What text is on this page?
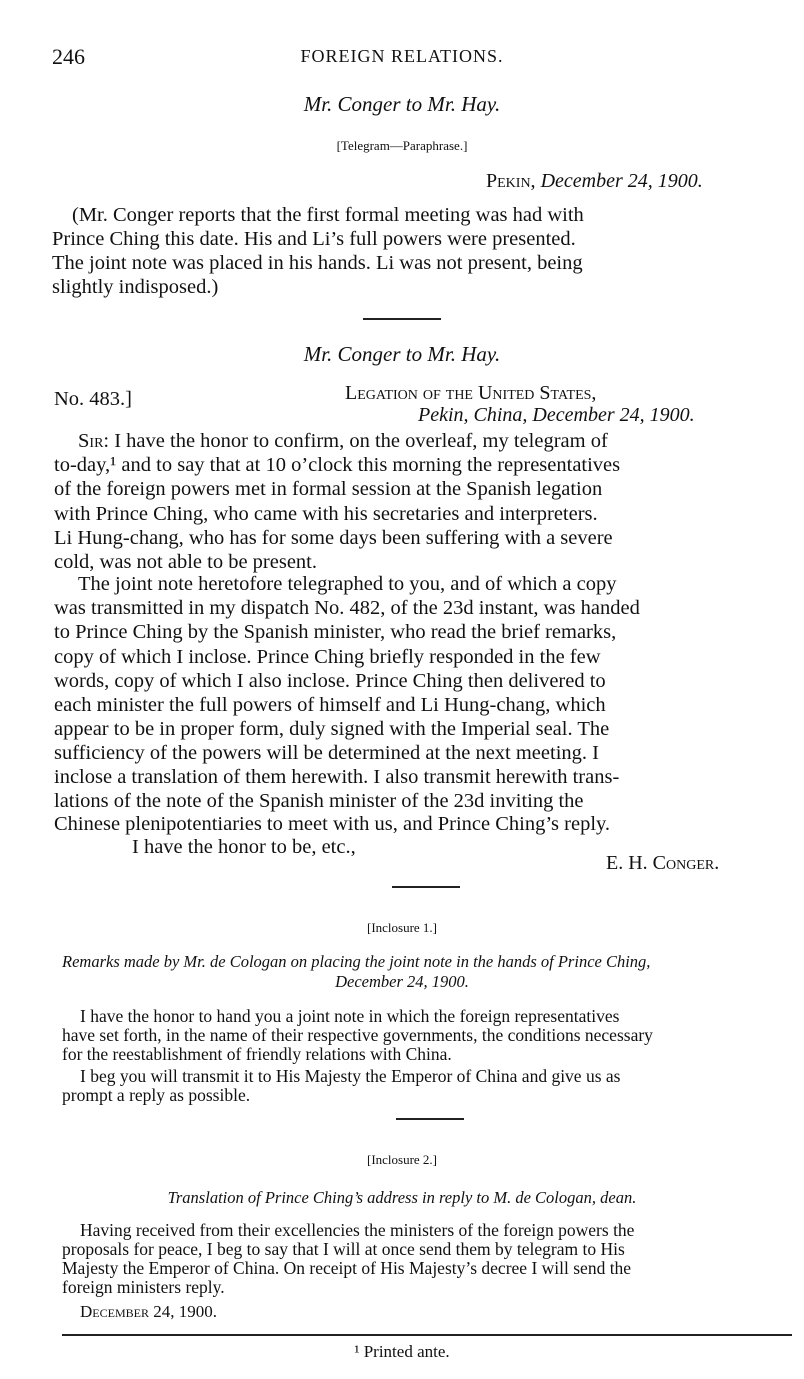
246	FOREIGN RELATIONS.
Mr. Conger to Mr. Hay.
[Telegram—Paraphrase.]
Pekin, December 24, 1900.
(Mr. Conger reports that the first formal meeting was had with
Prince Ching this date. His and Li’s full powers were presented.
The joint note was placed in his hands. Li was not present, being
slightly indisposed.)
Mr. Conger to Mr. Hay.
No. 483.]	Legation of the United States,
Pekin, China, December 24, 1900.
Sir: I have the honor to confirm, on the overleaf, my telegram of
to-day,¹ and to say that at 10 o’clock this morning the representatives
of the foreign powers met in formal session at the Spanish legation
with Prince Ching, who came with his secretaries and interpreters.
Li Hung-chang, who has for some days been suffering with a severe
cold, was not able to be present.
The joint note heretofore telegraphed to you, and of which a copy
was transmitted in my dispatch No. 482, of the 23d instant, was handed
to Prince Ching by the Spanish minister, who read the brief remarks,
copy of which I inclose. Prince Ching briefly responded in the few
words, copy of which I also inclose. Prince Ching then delivered to
each minister the full powers of himself and Li Hung-chang, which
appear to be in proper form, duly signed with the Imperial seal. The
sufficiency of the powers will be determined at the next meeting. I
inclose a translation of them herewith. I also transmit herewith trans-
lations of the note of the Spanish minister of the 23d inviting the
Chinese plenipotentiaries to meet with us, and Prince Ching’s reply.
I have the honor to be, etc.,
E. H. Conger.
[Inclosure 1.]
Remarks made by Mr. de Cologan on placing the joint note in the hands of Prince Ching,
December 24, 1900.
I have the honor to hand you a joint note in which the foreign representatives
have set forth, in the name of their respective governments, the conditions necessary
for the reestablishment of friendly relations with China.
I beg you will transmit it to His Majesty the Emperor of China and give us as
prompt a reply as possible.
[Inclosure 2.]
Translation of Prince Ching’s address in reply to M. de Cologan, dean.
Having received from their excellencies the ministers of the foreign powers the
proposals for peace, I beg to say that I will at once send them by telegram to His
Majesty the Emperor of China. On receipt of His Majesty’s decree I will send the
foreign ministers reply.
December 24, 1900.
¹ Printed ante.
